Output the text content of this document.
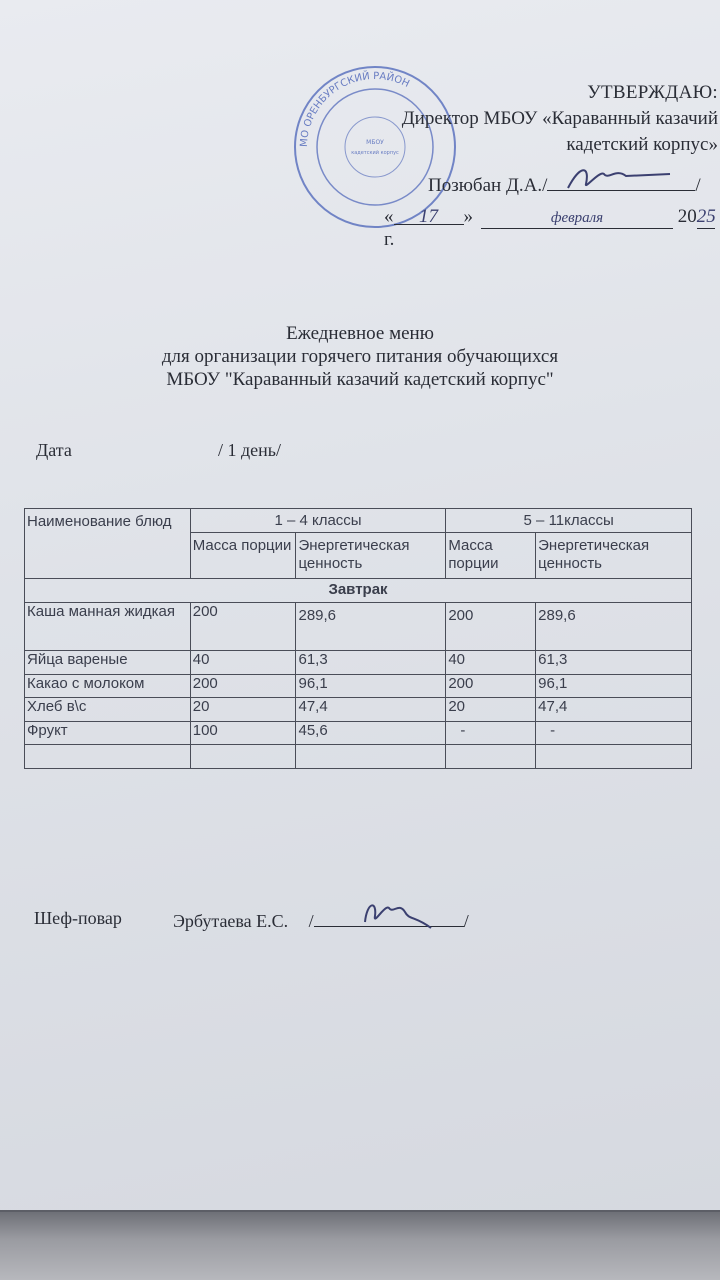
МО ОРЕНБУРГСКИЙ РАЙОН
МБОУ
кадетский корпус
УТВЕРЖДАЮ:
Директор МБОУ «Караванный казачий
кадетский корпус»
Позюбан Д.А./	/
« 17 »	февраля	2025 г.
Ежедневное меню
для организации горячего питания обучающихся
МБОУ "Караванный казачий кадетский корпус"
Дата	/ 1 день/
Наименование блюд	1 – 4 классы		5 – 11классы	
	Масса порции	Энергетическая ценность	Масса порции	Энергетическая ценность
Завтрак				
Каша манная жидкая	200	289,6	200	289,6
Яйца вареные	40	61,3	40	61,3
Какао с молоком	200	96,1	200	96,1
Хлеб в\с	20	47,4	20	47,4
Фрукт	100	45,6	-	-

Шеф-повар	Эрбутаева Е.С. /	/
